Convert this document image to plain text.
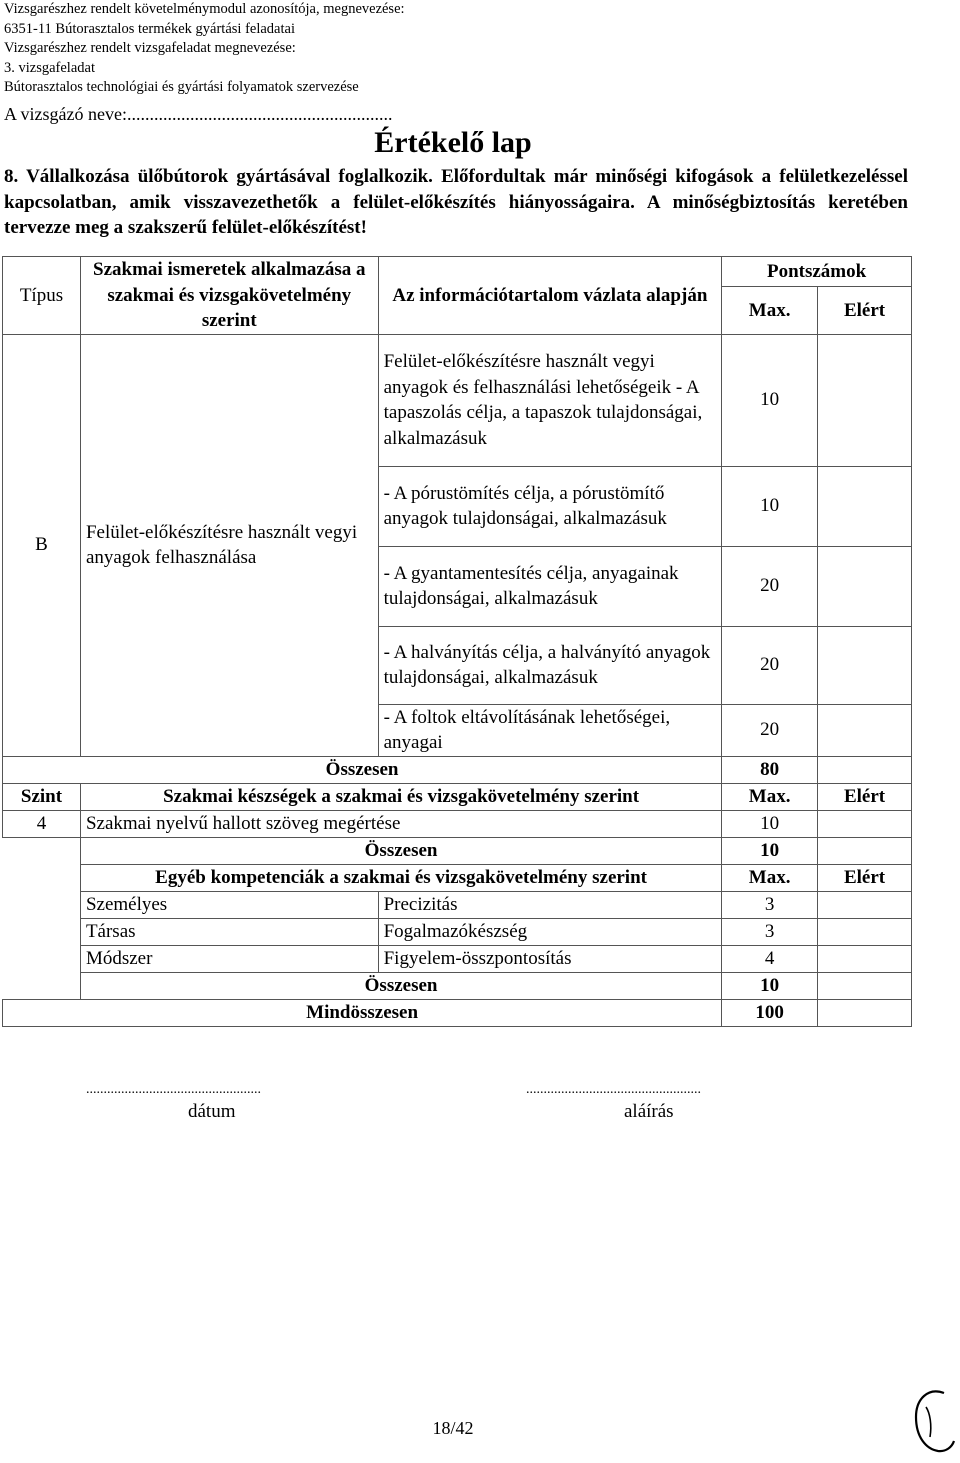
Vizsgarészhez rendelt követelménymodul azonosítója, megnevezése:
6351-11 Bútorasztalos termékek gyártási feladatai
Vizsgarészhez rendelt vizsgafeladat megnevezése:
3. vizsgafeladat
Bútorasztalos technológiai és gyártási folyamatok szervezése
A vizsgázó neve:...........................................................
Értékelő lap
8. Vállalkozása ülőbútorok gyártásával foglalkozik. Előfordultak már minőségi kifogások a felületkezeléssel kapcsolatban, amik visszavezethetők a felület-előkészítés hiányosságaira. A minőségbiztosítás keretében tervezze meg a szakszerű felület-előkészítést!
Típus	Szakmai ismeretek alkalmazása a szakmai és vizsgakövetelmény szerint	Az információtartalom vázlata alapján	Pontszámok	
			Max.	Elért
B	Felület-előkészítésre használt vegyi anyagok felhasználása	Felület-előkészítésre használt vegyi anyagok és felhasználási lehetőségeik - A tapaszolás célja, a tapaszok tulajdonságai, alkalmazásuk	10	
		- A pórustömítés célja, a pórustömítő anyagok tulajdonságai, alkalmazásuk	10	
		- A gyantamentesítés célja, anyagainak tulajdonságai, alkalmazásuk	20	
		- A halványítás célja, a halványító anyagok tulajdonságai, alkalmazásuk	20	
		- A foltok eltávolításának lehetőségei, anyagai	20	
Összesen			80	
Szint	Szakmai készségek a szakmai és vizsgakövetelmény szerint		Max.	Elért
4	Szakmai nyelvű hallott szöveg megértése		10	
	Összesen		10	
	Egyéb kompetenciák a szakmai és vizsgakövetelmény szerint		Max.	Elért
	Személyes	Precizitás	3	
	Társas	Fogalmazókészség	3	
	Módszer	Figyelem-összpontosítás	4	
	Összesen		10	
Mindösszesen			100	
..................................................	..................................................
dátum	aláírás
18/42
